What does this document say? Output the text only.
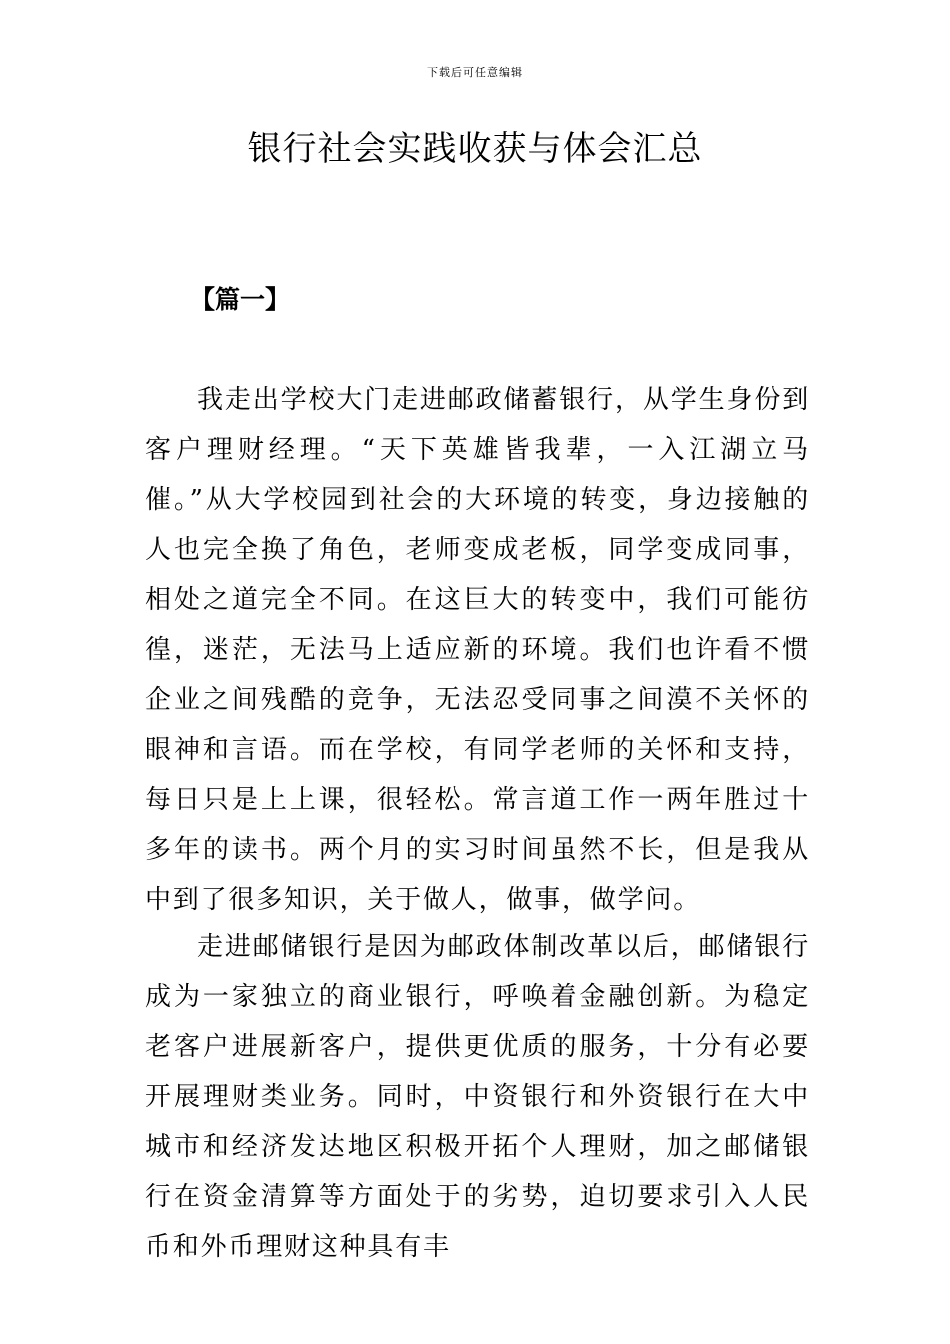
下载后可任意编辑
银行社会实践收获与体会汇总
【篇一】

我走出学校大门走进邮政储蓄银行，从学生身份到客户理财经理。“天下英雄皆我辈，一入江湖立马催。”从大学校园到社会的大环境的转变，身边接触的人也完全换了角色，老师变成老板，同学变成同事，相处之道完全不同。在这巨大的转变中，我们可能彷徨，迷茫，无法马上适应新的环境。我们也许看不惯企业之间残酷的竞争，无法忍受同事之间漠不关怀的眼神和言语。而在学校，有同学老师的关怀和支持，每日只是上上课，很轻松。常言道工作一两年胜过十多年的读书。两个月的实习时间虽然不长，但是我从中到了很多知识，关于做人，做事，做学问。

走进邮储银行是因为邮政体制改革以后，邮储银行成为一家独立的商业银行，呼唤着金融创新。为稳定老客户进展新客户，提供更优质的服务，十分有必要开展理财类业务。同时，中资银行和外资银行在大中城市和经济发达地区积极开拓个人理财，加之邮储银行在资金清算等方面处于的劣势，迫切要求引入人民币和外币理财这种具有丰
